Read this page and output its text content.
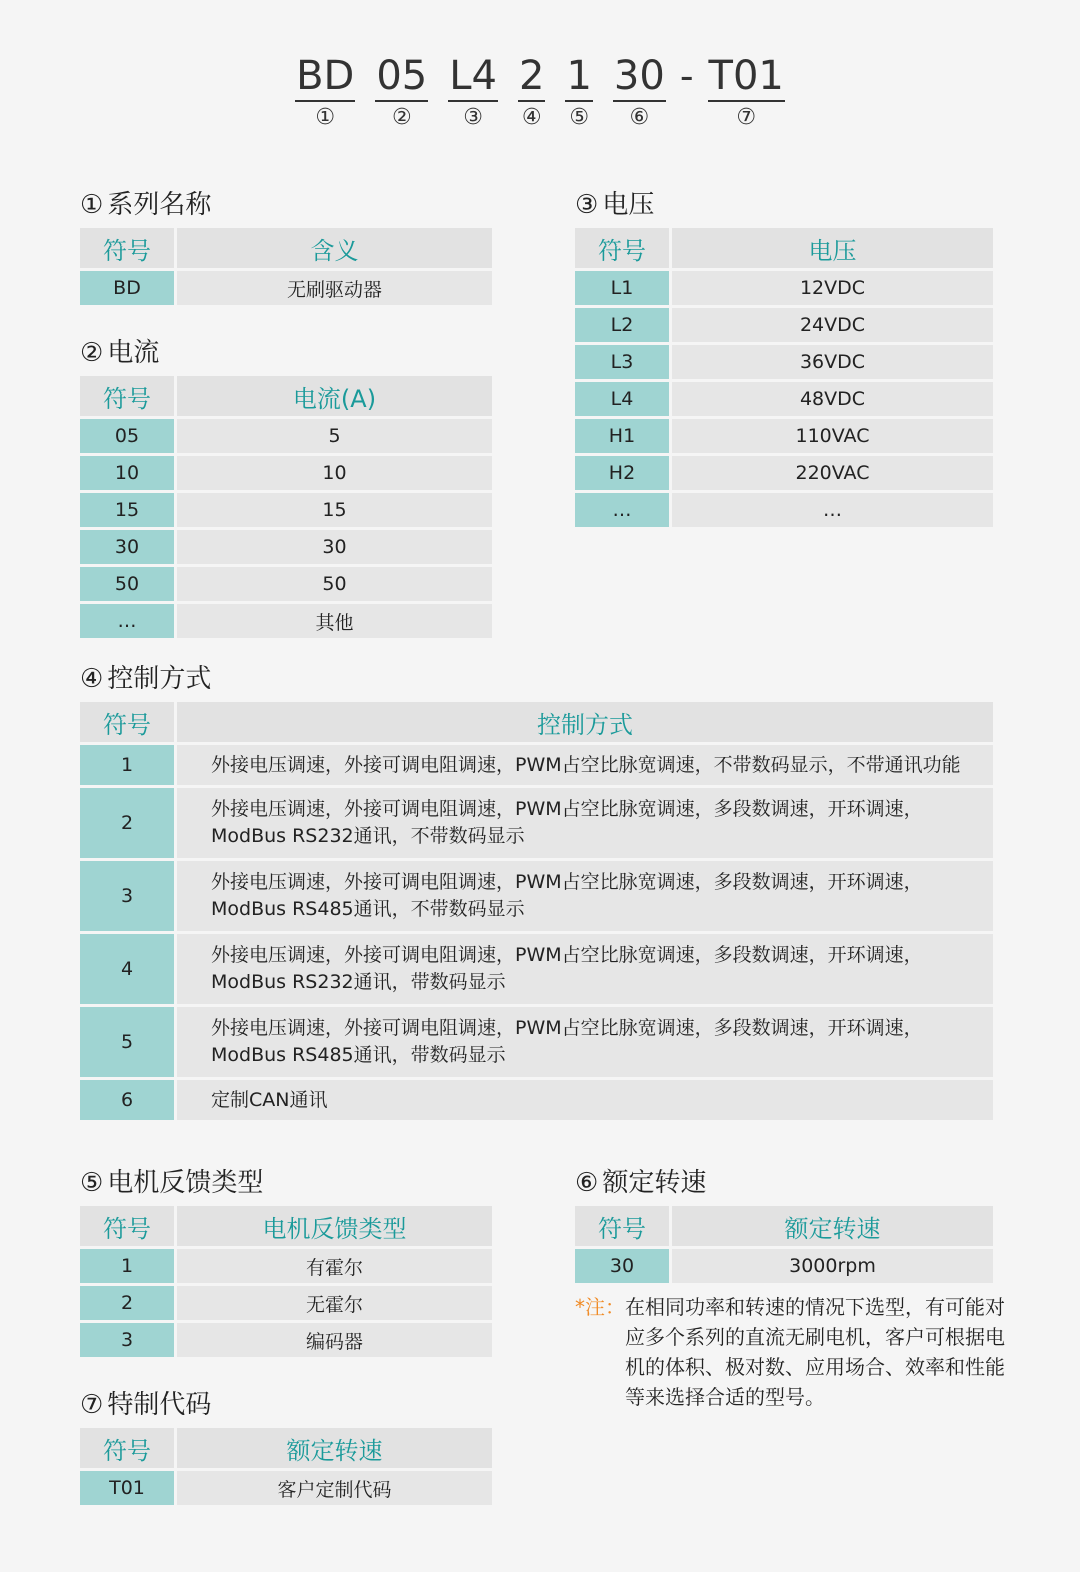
BD
①
05
②
L4
③
2
④
1
⑤
30
⑥
- T01
⑦
① 系列名称
符号	含义
BD	无刷驱动器
② 电流
符号	电流(A)
05	5
10	10
15	15
30	30
50	50
…	其他
③ 电压
符号	电压
L1	12VDC
L2	24VDC
L3	36VDC
L4	48VDC
H1	110VAC
H2	220VAC
…	…
④ 控制方式
符号	控制方式
1	外接电压调速，外接可调电阻调速，PWM占空比脉宽调速，不带数码显示，不带通讯功能

2	外接电压调速，外接可调电阻调速，PWM占空比脉宽调速，多段数调速，开环调速，
ModBus RS232通讯，不带数码显示

3	外接电压调速，外接可调电阻调速，PWM占空比脉宽调速，多段数调速，开环调速，
ModBus RS485通讯，不带数码显示

4	外接电压调速，外接可调电阻调速，PWM占空比脉宽调速，多段数调速，开环调速，
ModBus RS232通讯，带数码显示

5	外接电压调速，外接可调电阻调速，PWM占空比脉宽调速，多段数调速，开环调速，
ModBus RS485通讯，带数码显示

6	定制CAN通讯
⑤ 电机反馈类型
符号	电机反馈类型
1	有霍尔
2	无霍尔
3	编码器
⑥ 额定转速
符号	额定转速
30	3000rpm
⑦ 特制代码
符号	额定转速
T01	客户定制代码
*注： 在相同功率和转速的情况下选型，有可能对应多个系列的直流无刷电机，客户可根据电机的体积、极对数、应用场合、效率和性能等来选择合适的型号。
